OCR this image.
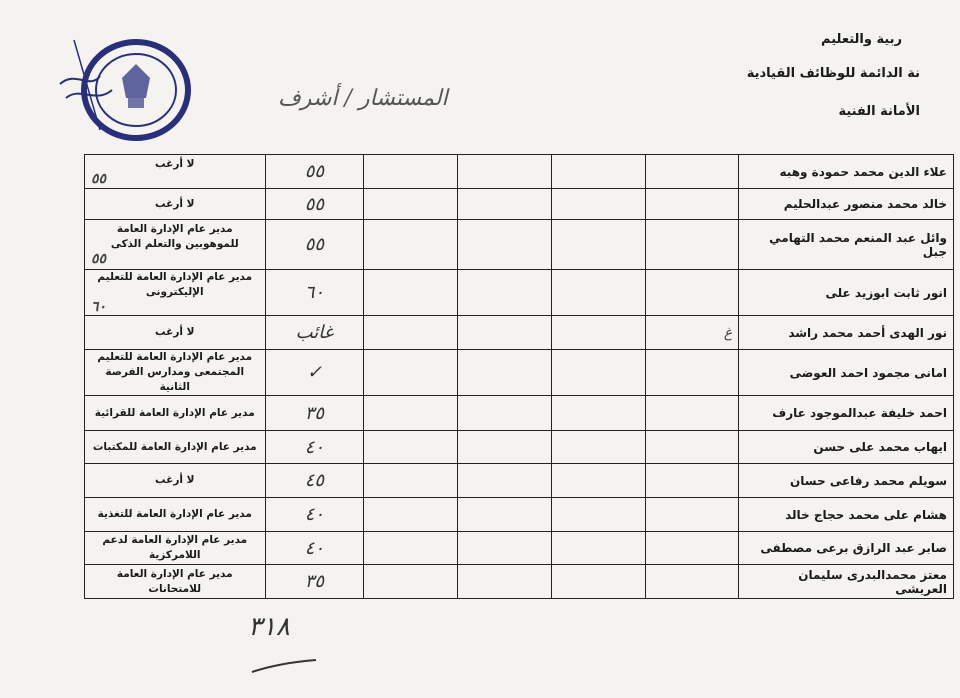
ربية والتعليم
نة الدائمة للوظائف القيادية
الأمانة الفنية
المستشار / أشرف
علاء الدين محمد حمودة وهبه					٥٥	لا أرغب
٥٥

خالد محمد منصور عبدالحليم					٥٥	لا أرغب

وائل عبد المنعم محمد التهامي جبل					٥٥	مدير عام الإدارة العامة للموهوبين والتعلم الذكى
٥٥

انور ثابت ابوزيد على					٦٠	مدير عام الإدارة العامة للتعليم الإليكترونى
٦٠

نور الهدى أحمد محمد راشد	غ				غائب	لا أرغب

امانى مجمود احمد العوضى					✓	مدير عام الإدارة العامة للتعليم المجتمعى ومدارس الفرصة الثانية

احمد خليفة عبدالموجود عارف					٣٥	مدير عام الإدارة العامة للقرائية

ايهاب محمد على حسن					٤٠	مدير عام الإدارة العامة للمكتبات

سويلم محمد رفاعى حسان					٤٥	لا أرغب

هشام على محمد حجاج خالد					٤٠	مدير عام الإدارة العامة للتغذية

صابر عبد الرازق برعى مصطفى					٤٠	مدير عام الإدارة العامة لدعم اللامركزية

معتز محمدالبدرى سليمان العريشى					٣٥	مدير عام الإدارة العامة للامتحانات
٣١٨
